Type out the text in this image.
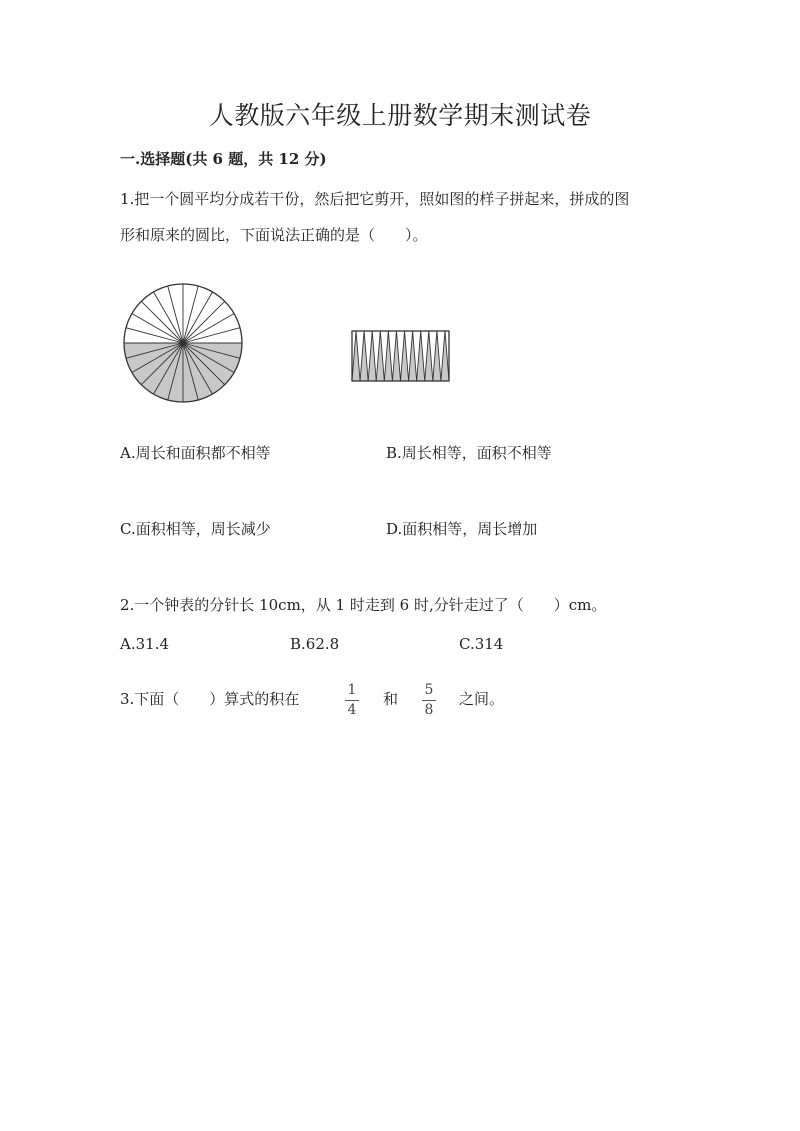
人教版六年级上册数学期末测试卷
一.选择题(共 6 题，共 12 分)
1.把一个圆平均分成若干份，然后把它剪开，照如图的样子拼起来，拼成的图
形和原来的圆比，下面说法正确的是（　　）。
A.周长和面积都不相等	B.周长相等，面积不相等
C.面积相等，周长减少	D.面积相等，周长增加
2.一个钟表的分针长 10cm，从 1 时走到 6 时,分针走过了（　　）cm。
A.31.4	B.62.8	C.314
3.下面（　　）算式的积在	1
4
和	5
8
之间。
